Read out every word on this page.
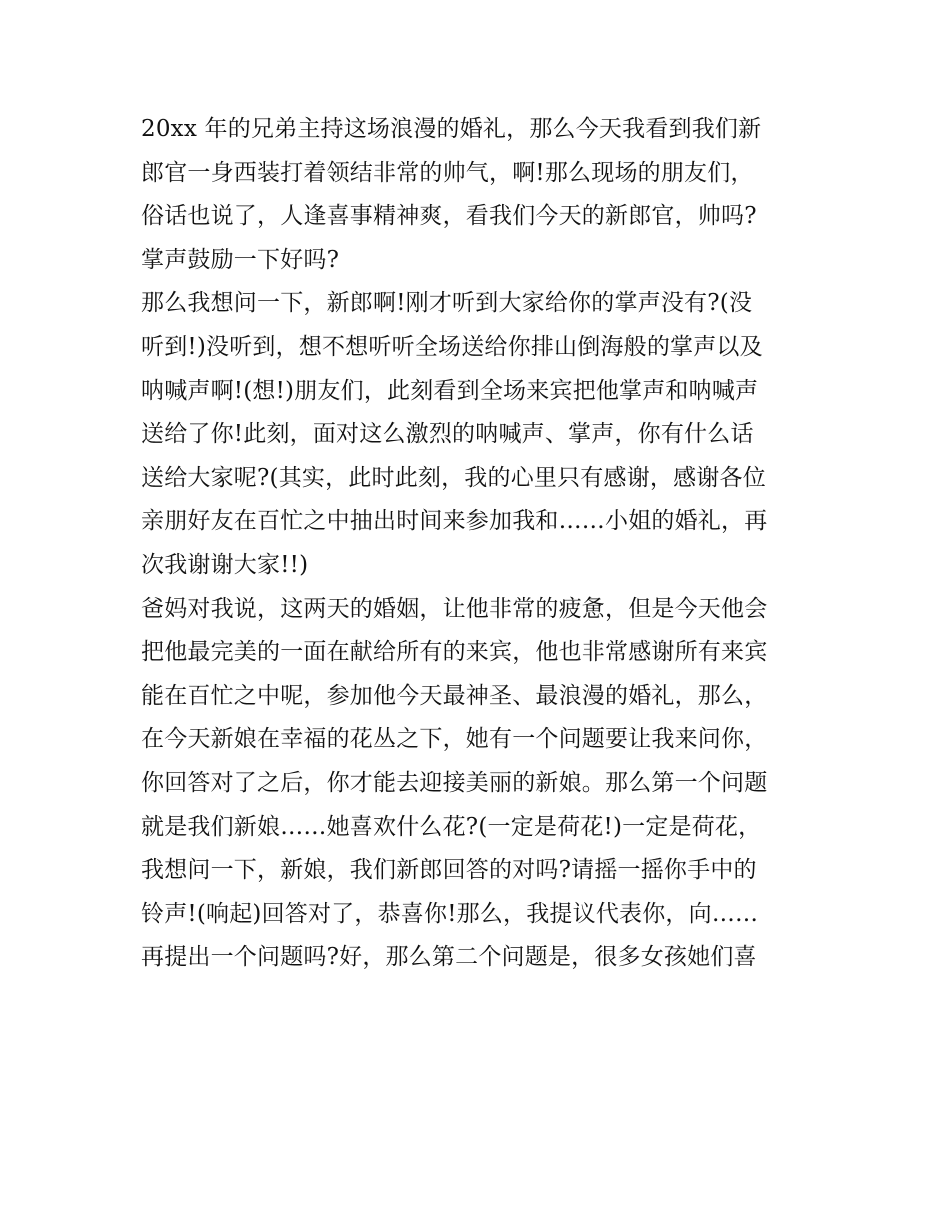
20xx 年的兄弟主持这场浪漫的婚礼，那么今天我看到我们新
郎官一身西装打着领结非常的帅气，啊!那么现场的朋友们，
俗话也说了，人逢喜事精神爽，看我们今天的新郎官，帅吗?
掌声鼓励一下好吗?
那么我想问一下，新郎啊!刚才听到大家给你的掌声没有?(没
听到!)没听到，想不想听听全场送给你排山倒海般的掌声以及
呐喊声啊!(想!)朋友们，此刻看到全场来宾把他掌声和呐喊声
送给了你!此刻，面对这么激烈的呐喊声、掌声，你有什么话
送给大家呢?(其实，此时此刻，我的心里只有感谢，感谢各位
亲朋好友在百忙之中抽出时间来参加我和……小姐的婚礼，再
次我谢谢大家!!)
爸妈对我说，这两天的婚姻，让他非常的疲惫，但是今天他会
把他最完美的一面在献给所有的来宾，他也非常感谢所有来宾
能在百忙之中呢，参加他今天最神圣、最浪漫的婚礼，那么，
在今天新娘在幸福的花丛之下，她有一个问题要让我来问你，
你回答对了之后，你才能去迎接美丽的新娘。那么第一个问题
就是我们新娘……她喜欢什么花?(一定是荷花!)一定是荷花，
我想问一下，新娘，我们新郎回答的对吗?请摇一摇你手中的
铃声!(响起)回答对了，恭喜你!那么，我提议代表你，向……
再提出一个问题吗?好，那么第二个问题是，很多女孩她们喜
